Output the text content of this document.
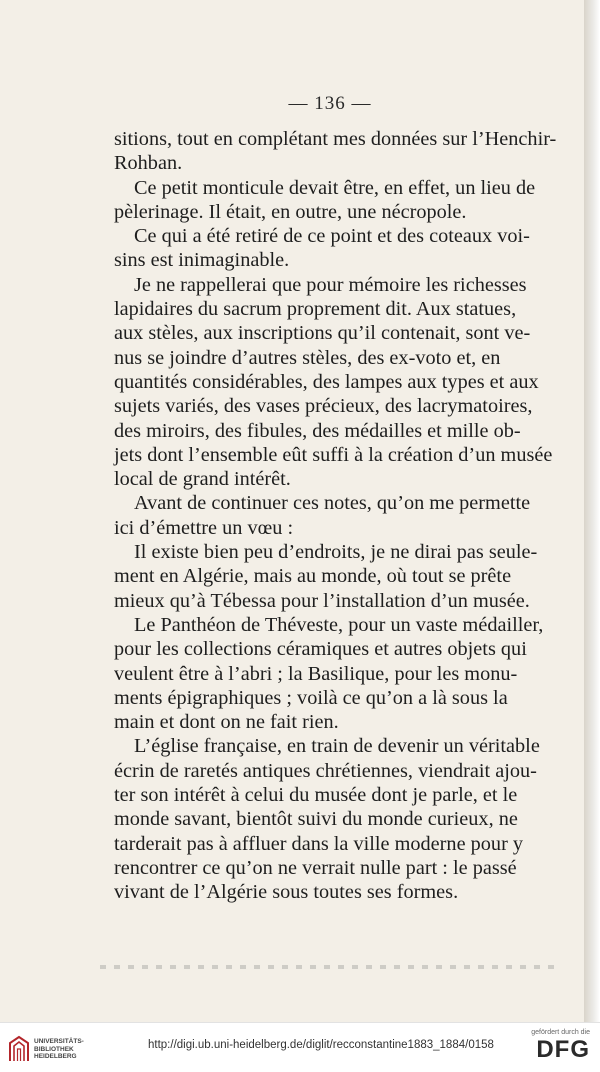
— 136 —
sitions, tout en complétant mes données sur l’Henchir-
Rohban.
Ce petit monticule devait être, en effet, un lieu de
pèlerinage. Il était, en outre, une nécropole.
Ce qui a été retiré de ce point et des coteaux voi-
sins est inimaginable.
Je ne rappellerai que pour mémoire les richesses
lapidaires du sacrum proprement dit. Aux statues,
aux stèles, aux inscriptions qu’il contenait, sont ve-
nus se joindre d’autres stèles, des ex-voto et, en
quantités considérables, des lampes aux types et aux
sujets variés, des vases précieux, des lacrymatoires,
des miroirs, des fibules, des médailles et mille ob-
jets dont l’ensemble eût suffi à la création d’un musée
local de grand intérêt.
Avant de continuer ces notes, qu’on me permette
ici d’émettre un vœu :
Il existe bien peu d’endroits, je ne dirai pas seule-
ment en Algérie, mais au monde, où tout se prête
mieux qu’à Tébessa pour l’installation d’un musée.
Le Panthéon de Théveste, pour un vaste médailler,
pour les collections céramiques et autres objets qui
veulent être à l’abri ; la Basilique, pour les monu-
ments épigraphiques ; voilà ce qu’on a là sous la
main et dont on ne fait rien.
L’église française, en train de devenir un véritable
écrin de raretés antiques chrétiennes, viendrait ajou-
ter son intérêt à celui du musée dont je parle, et le
monde savant, bientôt suivi du monde curieux, ne
tarderait pas à affluer dans la ville moderne pour y
rencontrer ce qu’on ne verrait nulle part : le passé
vivant de l’Algérie sous toutes ses formes.
UNIVERSITÄTS-
BIBLIOTHEK
HEIDELBERG
http://digi.ub.uni-heidelberg.de/diglit/recconstantine1883_1884/0158
gefördert durch die
DFG
